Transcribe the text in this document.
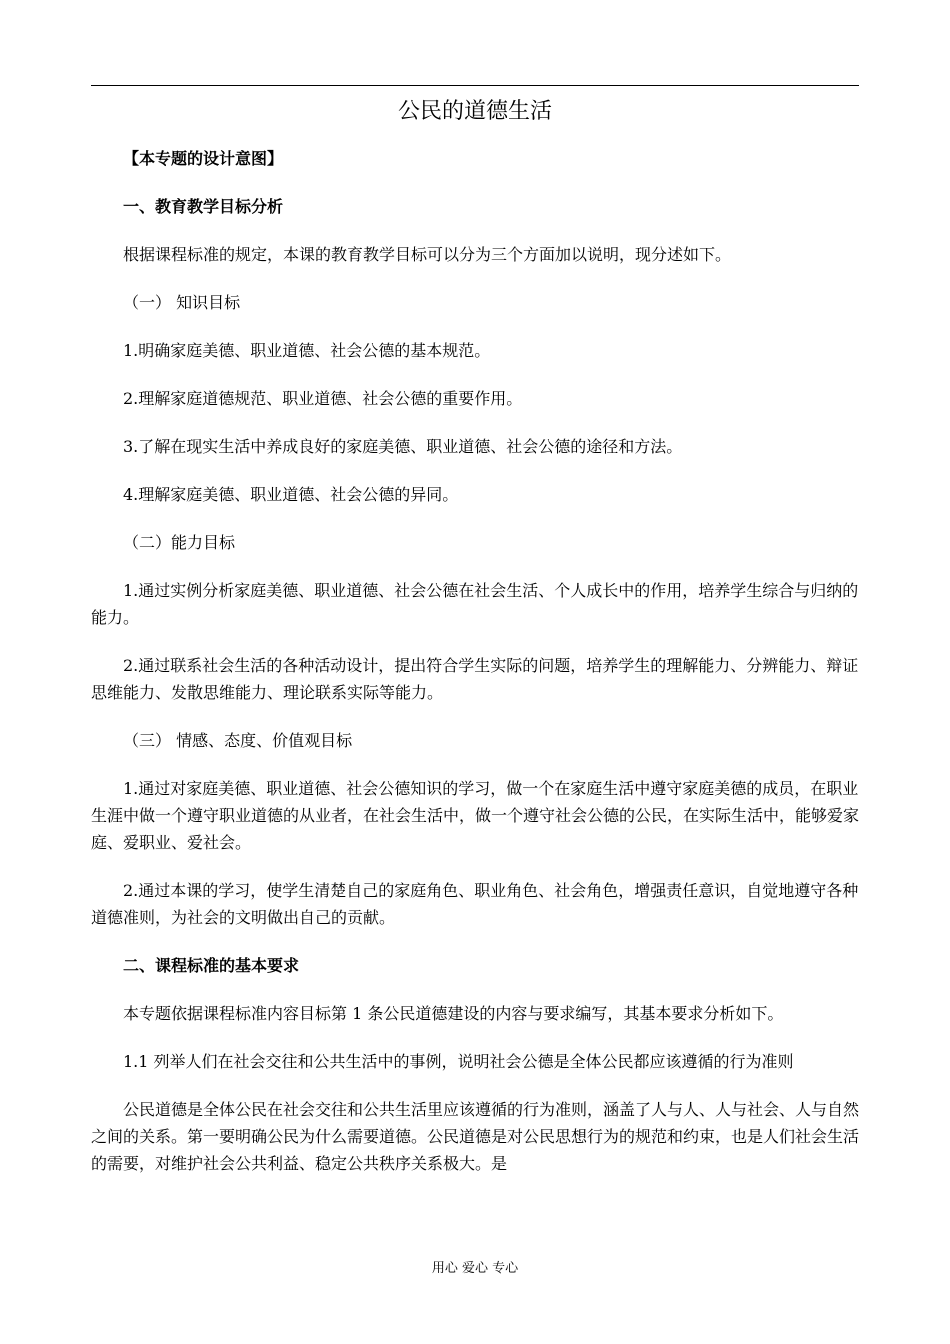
公民的道德生活
【本专题的设计意图】
一、教育教学目标分析
根据课程标准的规定，本课的教育教学目标可以分为三个方面加以说明，现分述如下。
（一） 知识目标
1.明确家庭美德、职业道德、社会公德的基本规范。
2.理解家庭道德规范、职业道德、社会公德的重要作用。
3.了解在现实生活中养成良好的家庭美德、职业道德、社会公德的途径和方法。
4.理解家庭美德、职业道德、社会公德的异同。
（二）能力目标
1.通过实例分析家庭美德、职业道德、社会公德在社会生活、个人成长中的作用，培养学生综合与归纳的能力。
2.通过联系社会生活的各种活动设计，提出符合学生实际的问题，培养学生的理解能力、分辨能力、辩证思维能力、发散思维能力、理论联系实际等能力。
（三） 情感、态度、价值观目标
1.通过对家庭美德、职业道德、社会公德知识的学习，做一个在家庭生活中遵守家庭美德的成员，在职业生涯中做一个遵守职业道德的从业者，在社会生活中，做一个遵守社会公德的公民，在实际生活中，能够爱家庭、爱职业、爱社会。
2.通过本课的学习，使学生清楚自己的家庭角色、职业角色、社会角色，增强责任意识，自觉地遵守各种道德准则，为社会的文明做出自己的贡献。
二、课程标准的基本要求
本专题依据课程标准内容目标第 1 条公民道德建设的内容与要求编写，其基本要求分析如下。
1.1 列举人们在社会交往和公共生活中的事例，说明社会公德是全体公民都应该遵循的行为准则
公民道德是全体公民在社会交往和公共生活里应该遵循的行为准则，涵盖了人与人、人与社会、人与自然之间的关系。第一要明确公民为什么需要道德。公民道德是对公民思想行为的规范和约束，也是人们社会生活的需要，对维护社会公共利益、稳定公共秩序关系极大。是
用心 爱心 专心
